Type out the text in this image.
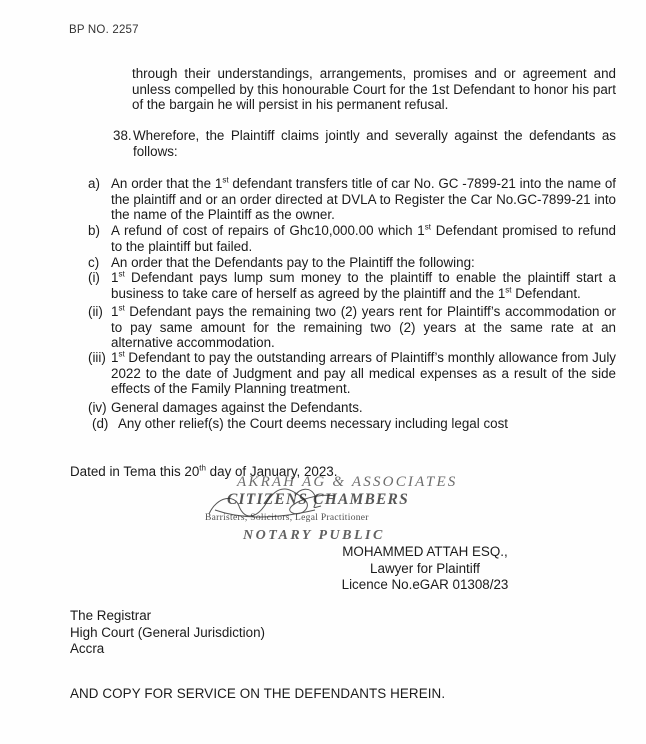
BP NO. 2257
through their understandings, arrangements, promises and or agreement and unless compelled by this honourable Court for the 1st Defendant to honor his part of the bargain he will persist in his permanent refusal.
38. Wherefore, the Plaintiff claims jointly and severally against the defendants as follows:
a) An order that the 1st defendant transfers title of car No. GC -7899-21 into the name of the plaintiff and or an order directed at DVLA to Register the Car No.GC-7899-21 into the name of the Plaintiff as the owner.
b) A refund of cost of repairs of Ghc10,000.00 which 1st Defendant promised to refund to the plaintiff but failed.
c) An order that the Defendants pay to the Plaintiff the following:
(i) 1st Defendant pays lump sum money to the plaintiff to enable the plaintiff start a business to take care of herself as agreed by the plaintiff and the 1st Defendant.
(ii) 1st Defendant pays the remaining two (2) years rent for Plaintiff’s accommodation or to pay same amount for the remaining two (2) years at the same rate at an alternative accommodation.
(iii) 1st Defendant to pay the outstanding arrears of Plaintiff’s monthly allowance from July 2022 to the date of Judgment and pay all medical expenses as a result of the side effects of the Family Planning treatment.
(iv) General damages against the Defendants.
(d) Any other relief(s) the Court deems necessary including legal cost
Dated in Tema this 20th day of January, 2023.
AKRAH AG & ASSOCIATES
CITIZENS CHAMBERS
Barristers, Solicitors, Legal Practitioner
NOTARY PUBLIC
MOHAMMED ATTAH ESQ.,
Lawyer for Plaintiff
Licence No.eGAR 01308/23
The Registrar
High Court (General Jurisdiction)
Accra
AND COPY FOR SERVICE ON THE DEFENDANTS HEREIN.
